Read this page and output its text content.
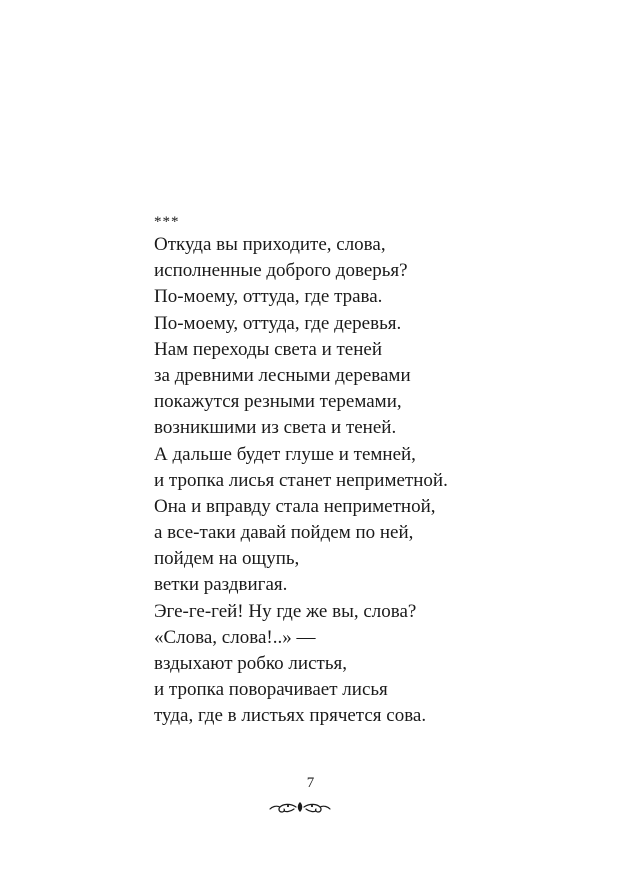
***
Откуда вы приходите, слова,
исполненные доброго доверья?
По-моему, оттуда, где трава.
По-моему, оттуда, где деревья.
Нам переходы света и теней
за древними лесными деревами
покажутся резными теремами,
возникшими из света и теней.
А дальше будет глуше и темней,
и тропка лисья станет неприметной.
Она и вправду стала неприметной,
а все-таки давай пойдем по ней,
пойдем на ощупь,
ветки раздвигая.
Эге-ге-гей! Ну где же вы, слова?
«Слова, слова!..» —
вздыхают робко листья,
и тропка поворачивает лисья
туда, где в листьях прячется сова.
7
